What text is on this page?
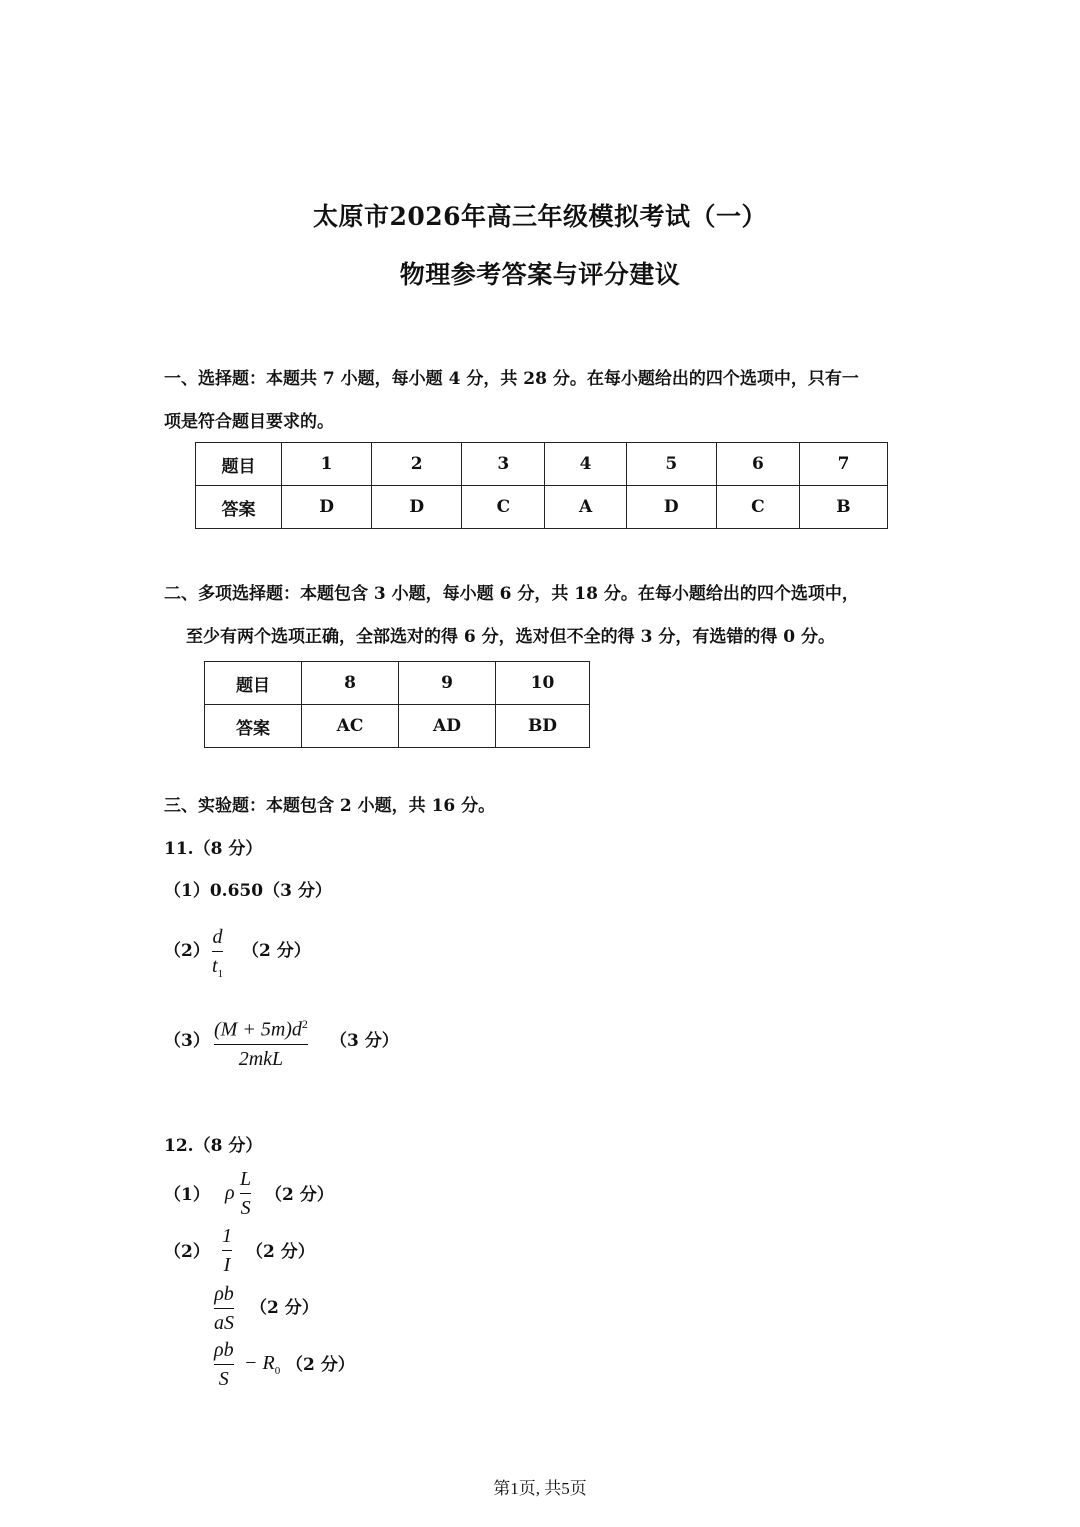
太原市2026年高三年级模拟考试（一）
物理参考答案与评分建议
一、选择题：本题共 7 小题，每小题 4 分，共 28 分。在每小题给出的四个选项中，只有一
项是符合题目要求的。
题目	1	2	3	4	5	6	7
答案	D	D	C	A	D	C	B
二、多项选择题：本题包含 3 小题，每小题 6 分，共 18 分。在每小题给出的四个选项中，
至少有两个选项正确，全部选对的得 6 分，选对但不全的得 3 分，有选错的得 0 分。
题目	8	9	10
答案	AC	AD	BD
三、实验题：本题包含 2 小题，共 16 分。
11.（8 分）
（1）0.650（3 分）
（2）
d
$t_1$
（2 分）
（3）
$(M + 5m)d^2$
2mkL
（3 分）
12.（8 分）
（1） ρ
L
S
（2 分）
（2）
1
I
（2 分）
ρb
aS
（2 分）
ρb
S
− $R_0$ （2 分）
第1页, 共5页
